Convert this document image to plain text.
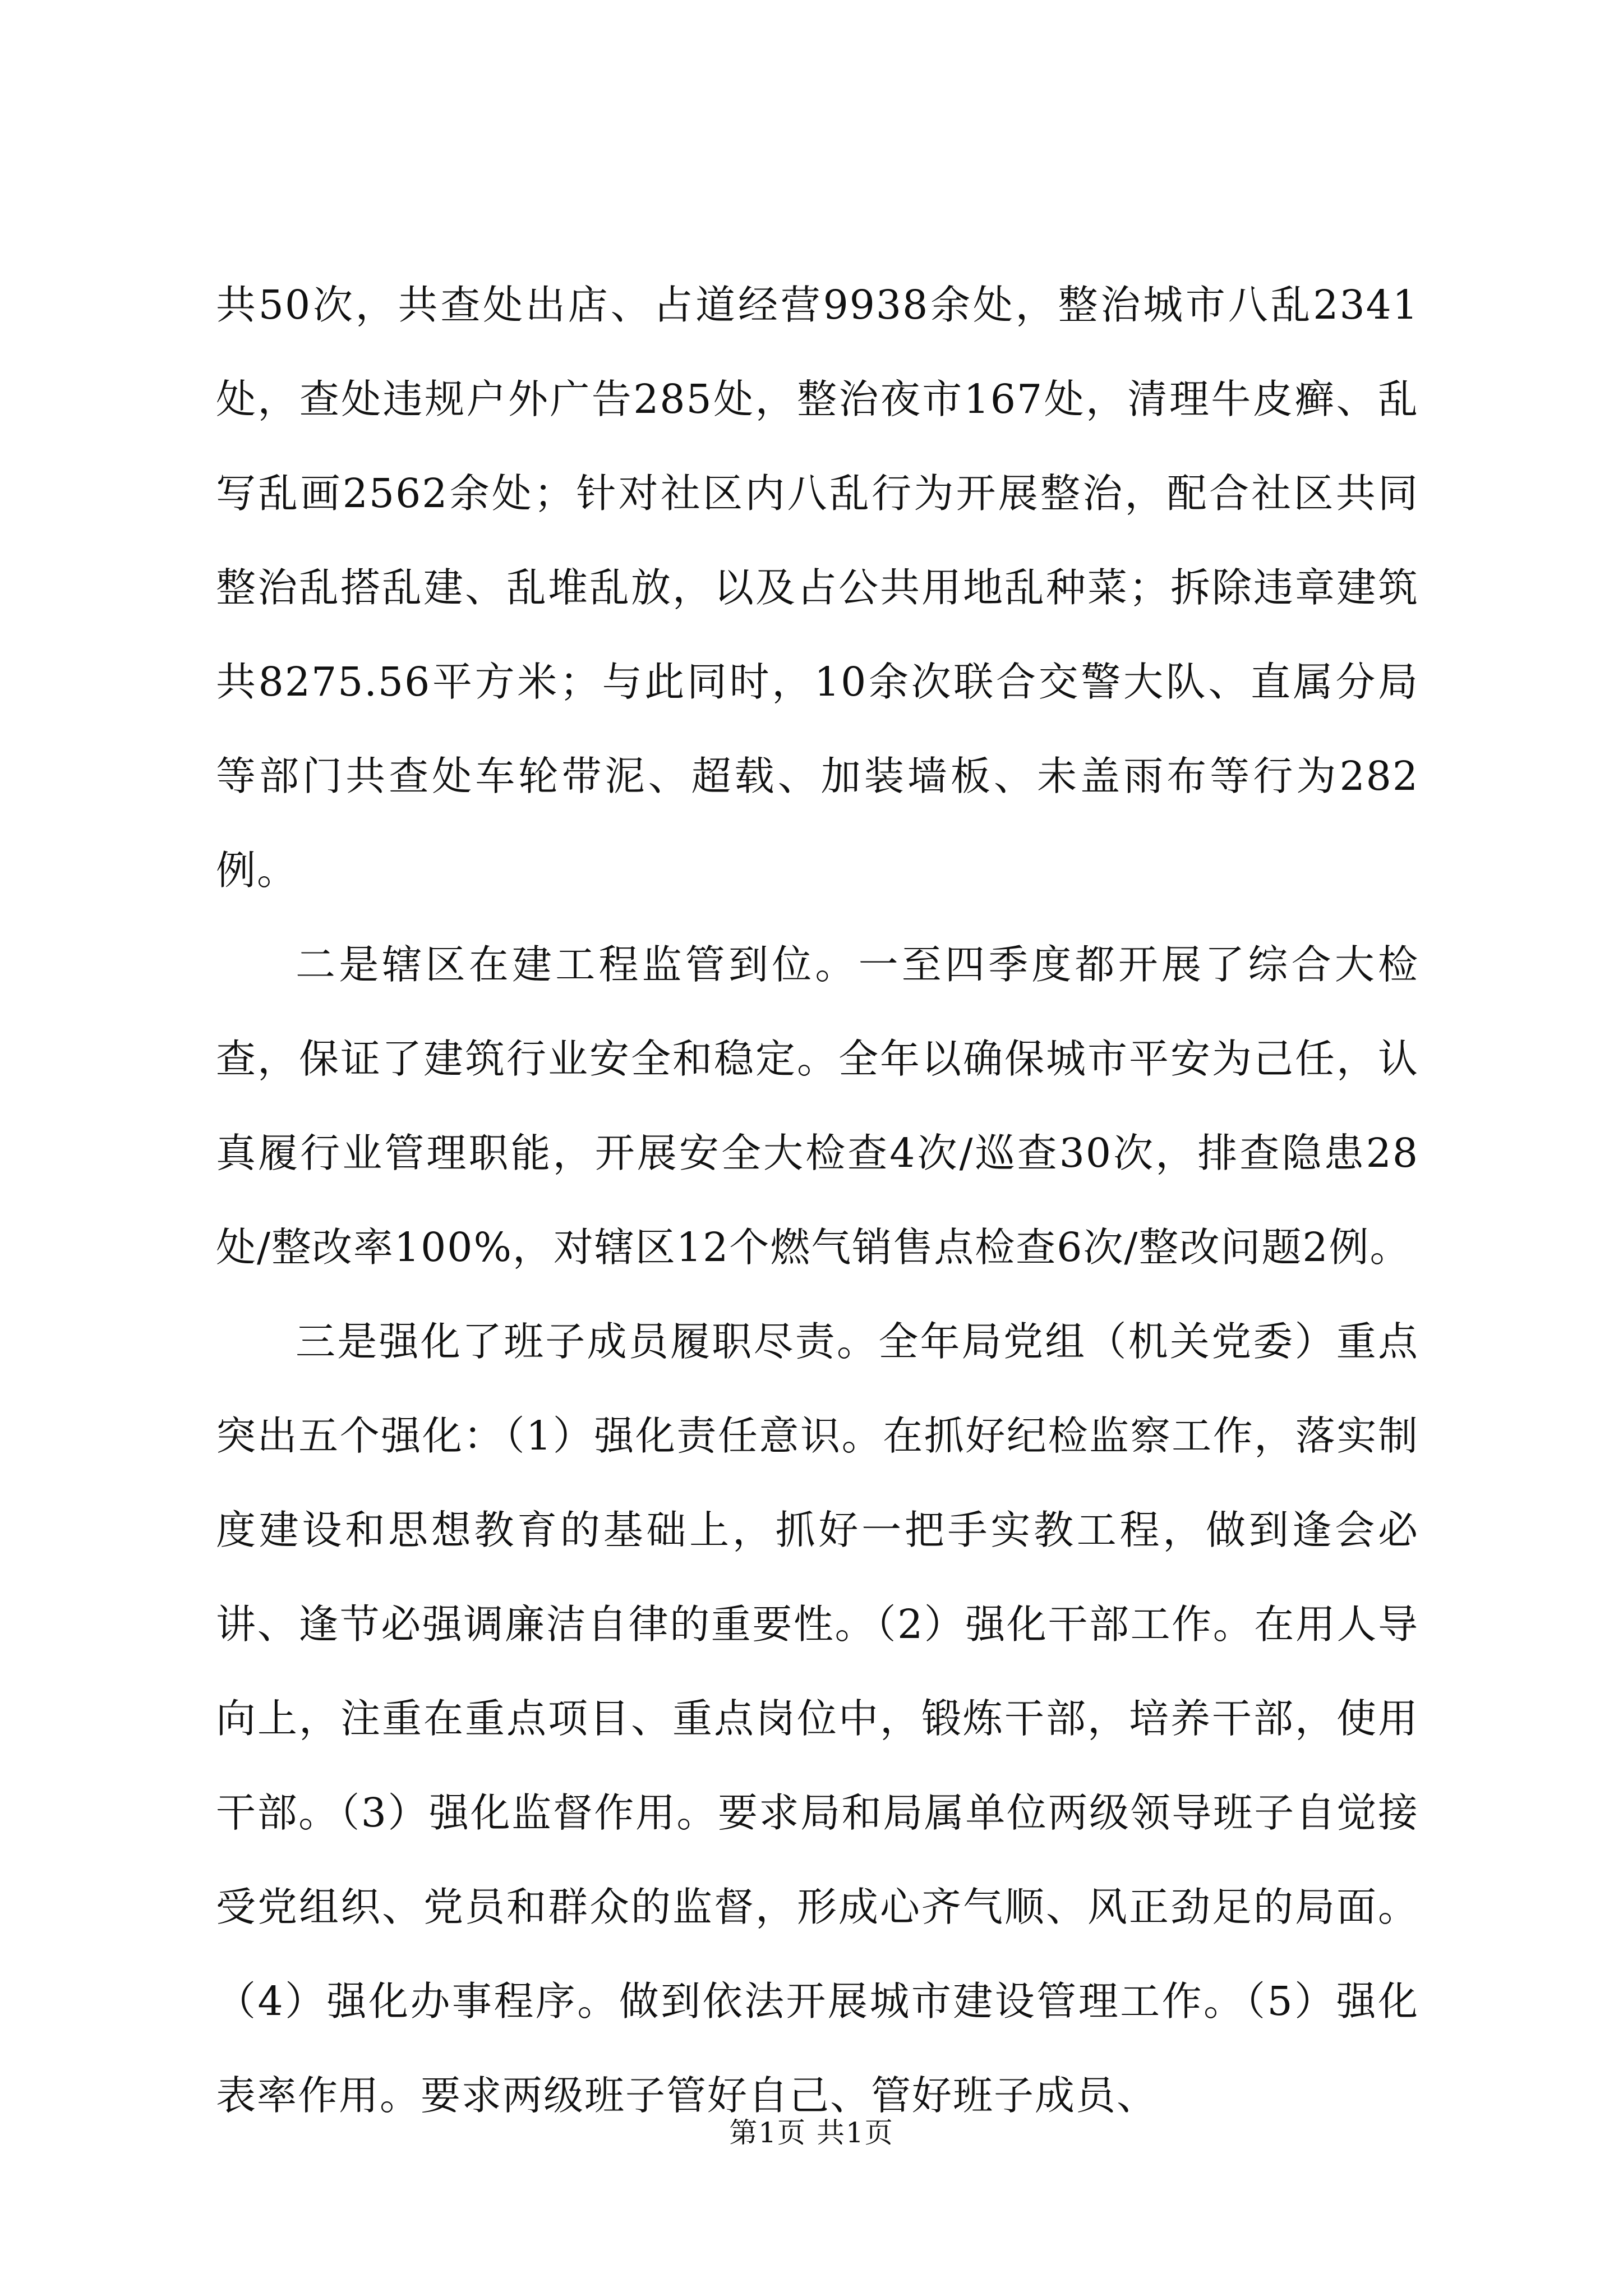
共50次，共查处出店、占道经营9938余处，整治城市八乱2341处，查处违规户外广告285处，整治夜市167处，清理牛皮癣、乱写乱画2562余处；针对社区内八乱行为开展整治，配合社区共同整治乱搭乱建、乱堆乱放，以及占公共用地乱种菜；拆除违章建筑共8275.56平方米；与此同时，10余次联合交警大队、直属分局等部门共查处车轮带泥、超载、加装墙板、未盖雨布等行为282例。

二是辖区在建工程监管到位。一至四季度都开展了综合大检查，保证了建筑行业安全和稳定。全年以确保城市平安为己任，认真履行业管理职能，开展安全大检查4次/巡查30次，排查隐患28处/整改率100%，对辖区12个燃气销售点检查6次/整改问题2例。

三是强化了班子成员履职尽责。全年局党组（机关党委）重点突出五个强化：（1）强化责任意识。在抓好纪检监察工作，落实制度建设和思想教育的基础上，抓好一把手实教工程，做到逢会必讲、逢节必强调廉洁自律的重要性。（2）强化干部工作。在用人导向上，注重在重点项目、重点岗位中，锻炼干部，培养干部，使用干部。（3）强化监督作用。要求局和局属单位两级领导班子自觉接受党组织、党员和群众的监督，形成心齐气顺、风正劲足的局面。（4）强化办事程序。做到依法开展城市建设管理工作。（5）强化表率作用。要求两级班子管好自己、管好班子成员、

第1页 共1页
